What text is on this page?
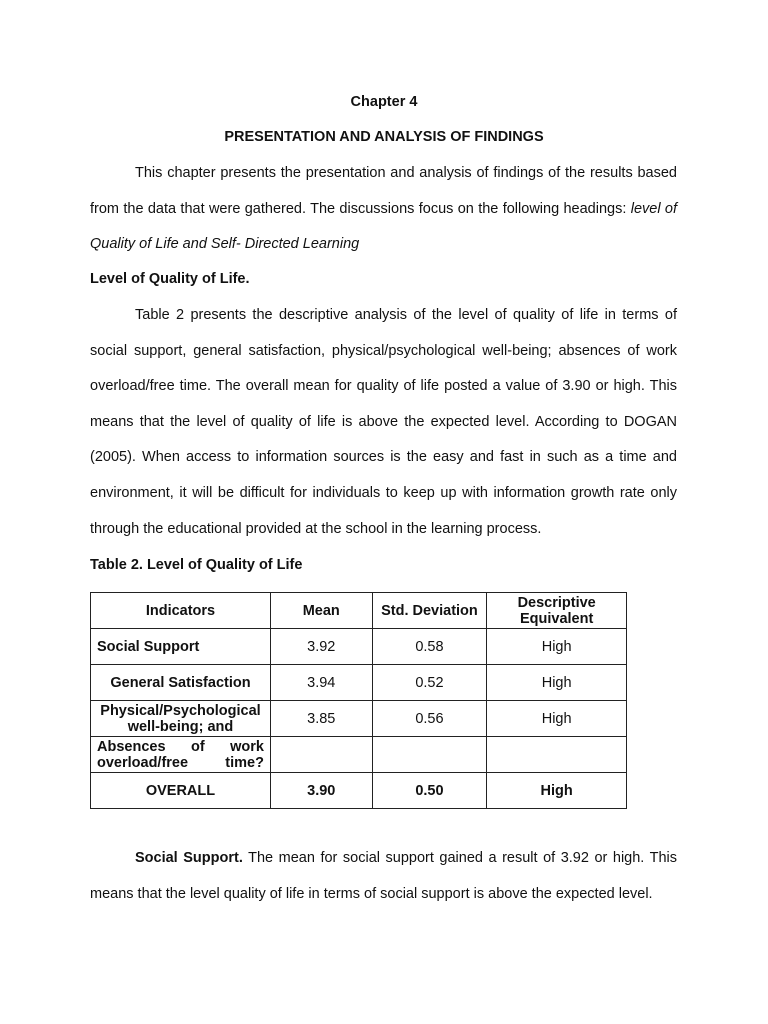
Chapter 4
PRESENTATION AND ANALYSIS OF FINDINGS

This chapter presents the presentation and analysis of findings of the results based from the data that were gathered. The discussions focus on the following headings: level of Quality of Life and Self- Directed Learning

Level of Quality of Life.

Table 2 presents the descriptive analysis of the level of quality of life in terms of social support, general satisfaction, physical/psychological well-being; absences of work overload/free time. The overall mean for quality of life posted a value of 3.90 or high. This means that the level of quality of life is above the expected level. According to DOGAN (2005). When access to information sources is the easy and fast in such as a time and environment, it will be difficult for individuals to keep up with information growth rate only through the educational provided at the school in the learning process.

Table 2. Level of Quality of Life
Indicators	Mean	Std. Deviation	Descriptive Equivalent
Social Support	3.92	0.58	High
General Satisfaction	3.94	0.52	High
Physical/Psychological well-being; and	3.85	0.56	High
Absences of work overload/free time?			
OVERALL	3.90	0.50	High

Social Support. The mean for social support gained a result of 3.92 or high. This means that the level quality of life in terms of social support is above the expected level.
